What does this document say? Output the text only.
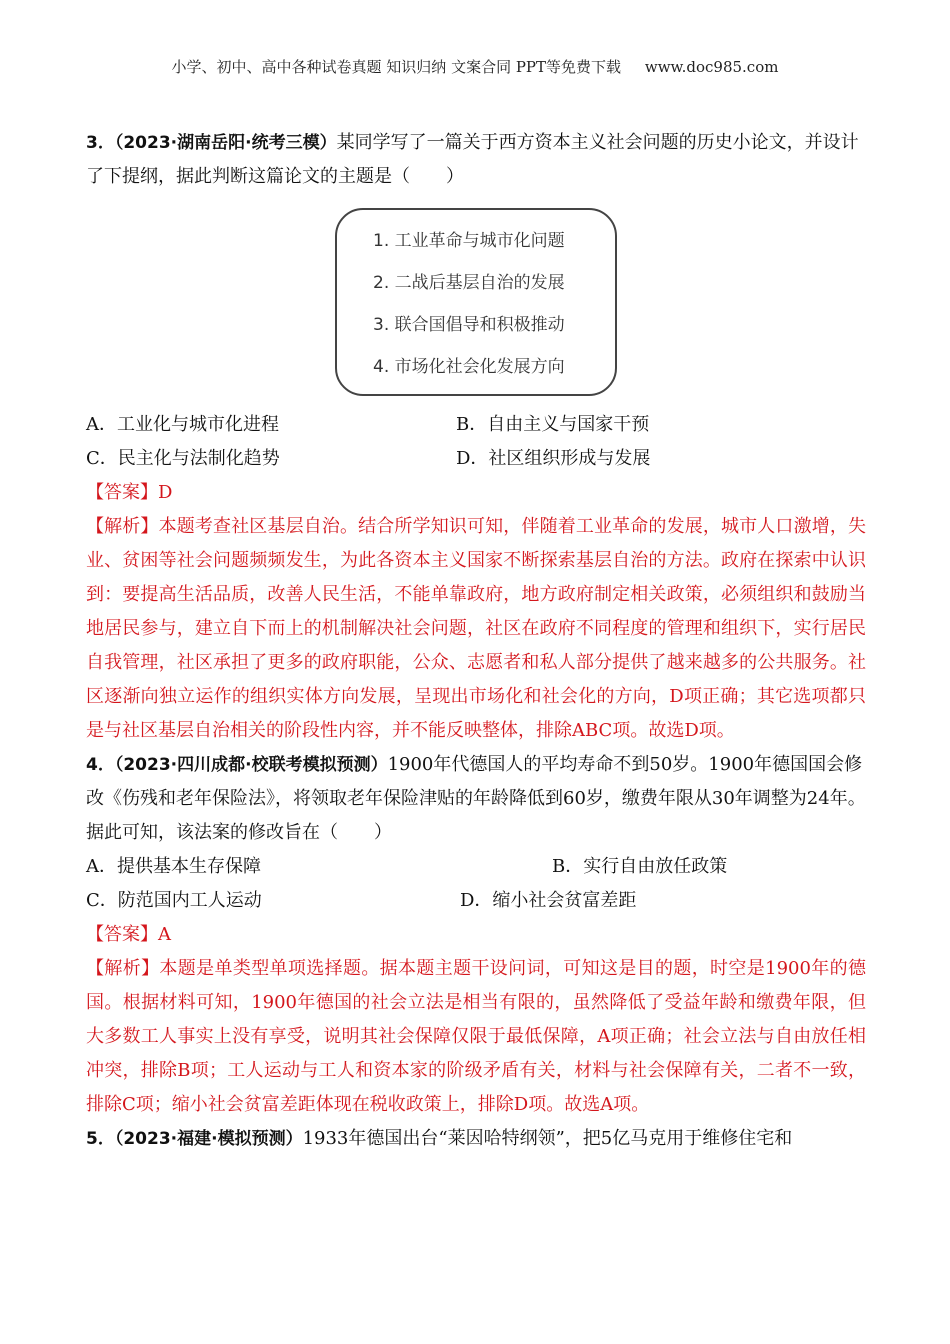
小学、初中、高中各种试卷真题 知识归纳 文案合同 PPT等免费下载     www.doc985.com

3．（2023·湖南岳阳·统考三模）某同学写了一篇关于西方资本主义社会问题的历史小论文，并设计了下提纲，据此判断这篇论文的主题是（　　）

1. 工业革命与城市化问题
2. 二战后基层自治的发展
3. 联合国倡导和积极推动
4. 市场化社会化发展方向
A．工业化与城市化进程	B．自由主义与国家干预
C．民主化与法制化趋势	D．社区组织形成与发展

【答案】D

【解析】本题考查社区基层自治。结合所学知识可知，伴随着工业革命的发展，城市人口激增，失业、贫困等社会问题频频发生，为此各资本主义国家不断探索基层自治的方法。政府在探索中认识到：要提高生活品质，改善人民生活，不能单靠政府，地方政府制定相关政策，必须组织和鼓励当地居民参与，建立自下而上的机制解决社会问题，社区在政府不同程度的管理和组织下，实行居民自我管理，社区承担了更多的政府职能，公众、志愿者和私人部分提供了越来越多的公共服务。社区逐渐向独立运作的组织实体方向发展，呈现出市场化和社会化的方向，D项正确；其它选项都只是与社区基层自治相关的阶段性内容，并不能反映整体，排除ABC项。故选D项。

4．（2023·四川成都·校联考模拟预测）1900年代德国人的平均寿命不到50岁。1900年德国国会修改《伤残和老年保险法》，将领取老年保险津贴的年龄降低到60岁，缴费年限从30年调整为24年。据此可知，该法案的修改旨在（　　）

A．提供基本生存保障	B．实行自由放任政策
C．防范国内工人运动	D．缩小社会贫富差距

【答案】A

【解析】本题是单类型单项选择题。据本题主题干设问词，可知这是目的题，时空是1900年的德国。根据材料可知，1900年德国的社会立法是相当有限的，虽然降低了受益年龄和缴费年限，但大多数工人事实上没有享受，说明其社会保障仅限于最低保障，A项正确；社会立法与自由放任相冲突，排除B项；工人运动与工人和资本家的阶级矛盾有关，材料与社会保障有关，二者不一致，排除C项；缩小社会贫富差距体现在税收政策上，排除D项。故选A项。

5．（2023·福建·模拟预测）1933年德国出台“莱因哈特纲领”，把5亿马克用于维修住宅和
